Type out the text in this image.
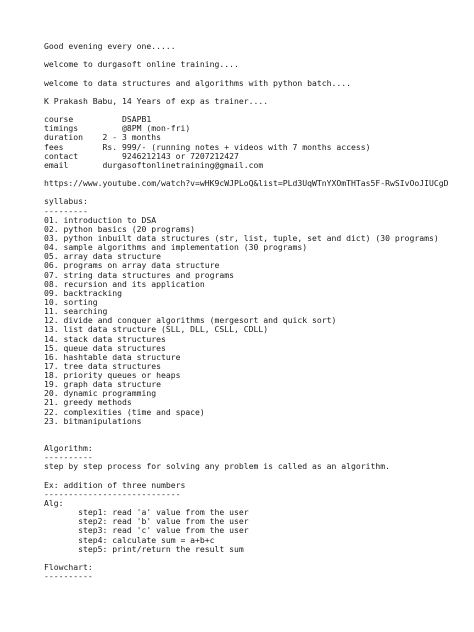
Good evening every one.....
welcome to durgasoft online training....
welcome to data structures and algorithms with python batch....
K Prakash Babu, 14 Years of exp as trainer....
course          DSAPB1
timings         @8PM (mon-fri)
duration    2 - 3 months
fees        Rs. 999/- (running notes + videos with 7 months access)
contact         9246212143 or 7207212427
email       durgasoftonlinetraining@gmail.com
https://www.youtube.com/watch?v=wHK9cWJPLoQ&list=PLd3UqWTnYXOmTHTas5F-RwSIvOoJIUCgD
syllabus:
---------
01. introduction to DSA
02. python basics (20 programs)
03. python inbuilt data structures (str, list, tuple, set and dict) (30 programs)
04. sample algorithms and implementation (30 programs)
05. array data structure
06. programs on array data structure
07. string data structures and programs
08. recursion and its application
09. backtracking
10. sorting
11. searching
12. divide and conquer algorithms (mergesort and quick sort)
13. list data structure (SLL, DLL, CSLL, CDLL)
14. stack data structures
15. queue data structures
16. hashtable data structure
17. tree data structures
18. priority queues or heaps
19. graph data structure
20. dynamic programming
21. greedy methods
22. complexities (time and space)
23. bitmanipulations
Algorithm:
----------
step by step process for solving any problem is called as an algorithm.
Ex: addition of three numbers
----------------------------
Alg:
step1: read 'a' value from the user
step2: read 'b' value from the user
step3: read 'c' value from the user
step4: calculate sum = a+b+c
step5: print/return the result sum
Flowchart:
----------
